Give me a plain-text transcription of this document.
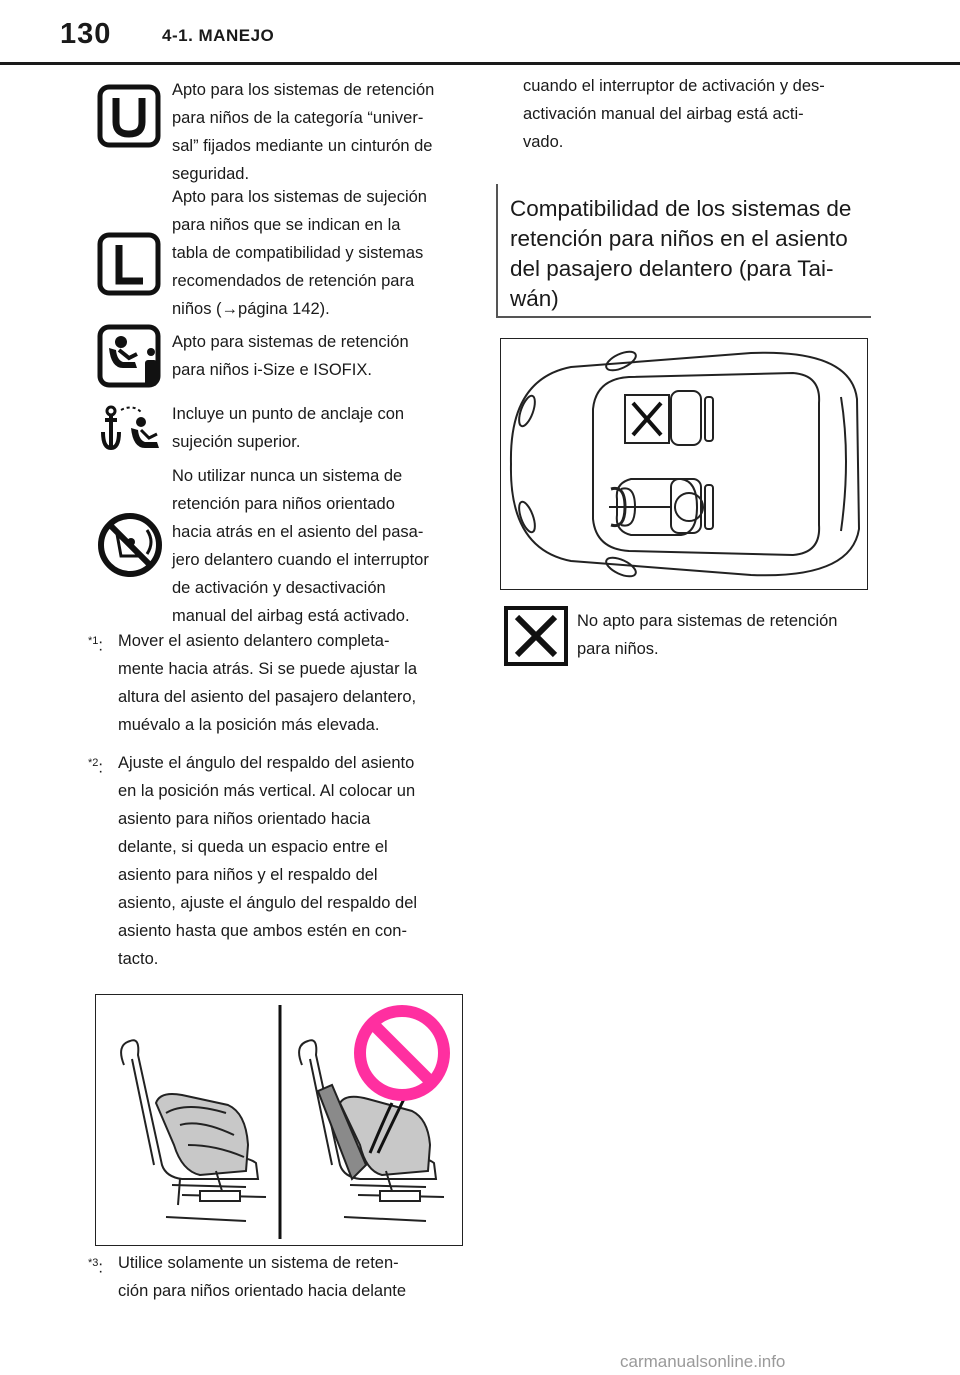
130	4-1. MANEJO
Apto para los sistemas de retención
para niños de la categoría “univer-
sal” fijados mediante un cinturón de
seguridad.
Apto para los sistemas de sujeción
para niños que se indican en la
tabla de compatibilidad y sistemas
recomendados de retención para
niños (→página 142).
Apto para sistemas de retención
para niños i-Size e ISOFIX.
Incluye un punto de anclaje con
sujeción superior.
No utilizar nunca un sistema de
retención para niños orientado
hacia atrás en el asiento del pasa-
jero delantero cuando el interruptor
de activación y desactivación
manual del airbag está activado.
$^{*1}$: Mover el asiento delantero completa-
mente hacia atrás. Si se puede ajustar la
altura del asiento del pasajero delantero,
muévalo a la posición más elevada.
$^{*2}$: Ajuste el ángulo del respaldo del asiento
en la posición más vertical. Al colocar un
asiento para niños orientado hacia
delante, si queda un espacio entre el
asiento para niños y el respaldo del
asiento, ajuste el ángulo del respaldo del
asiento hasta que ambos estén en con-
tacto.
$^{*3}$: Utilice solamente un sistema de reten-
ción para niños orientado hacia delante
cuando el interruptor de activación y des-
activación manual del airbag está acti-
vado.
Compatibilidad de los sistemas de
retención para niños en el asiento
del pasajero delantero (para Tai-
wán)
No apto para sistemas de retención
para niños.
carmanualsonline.info
